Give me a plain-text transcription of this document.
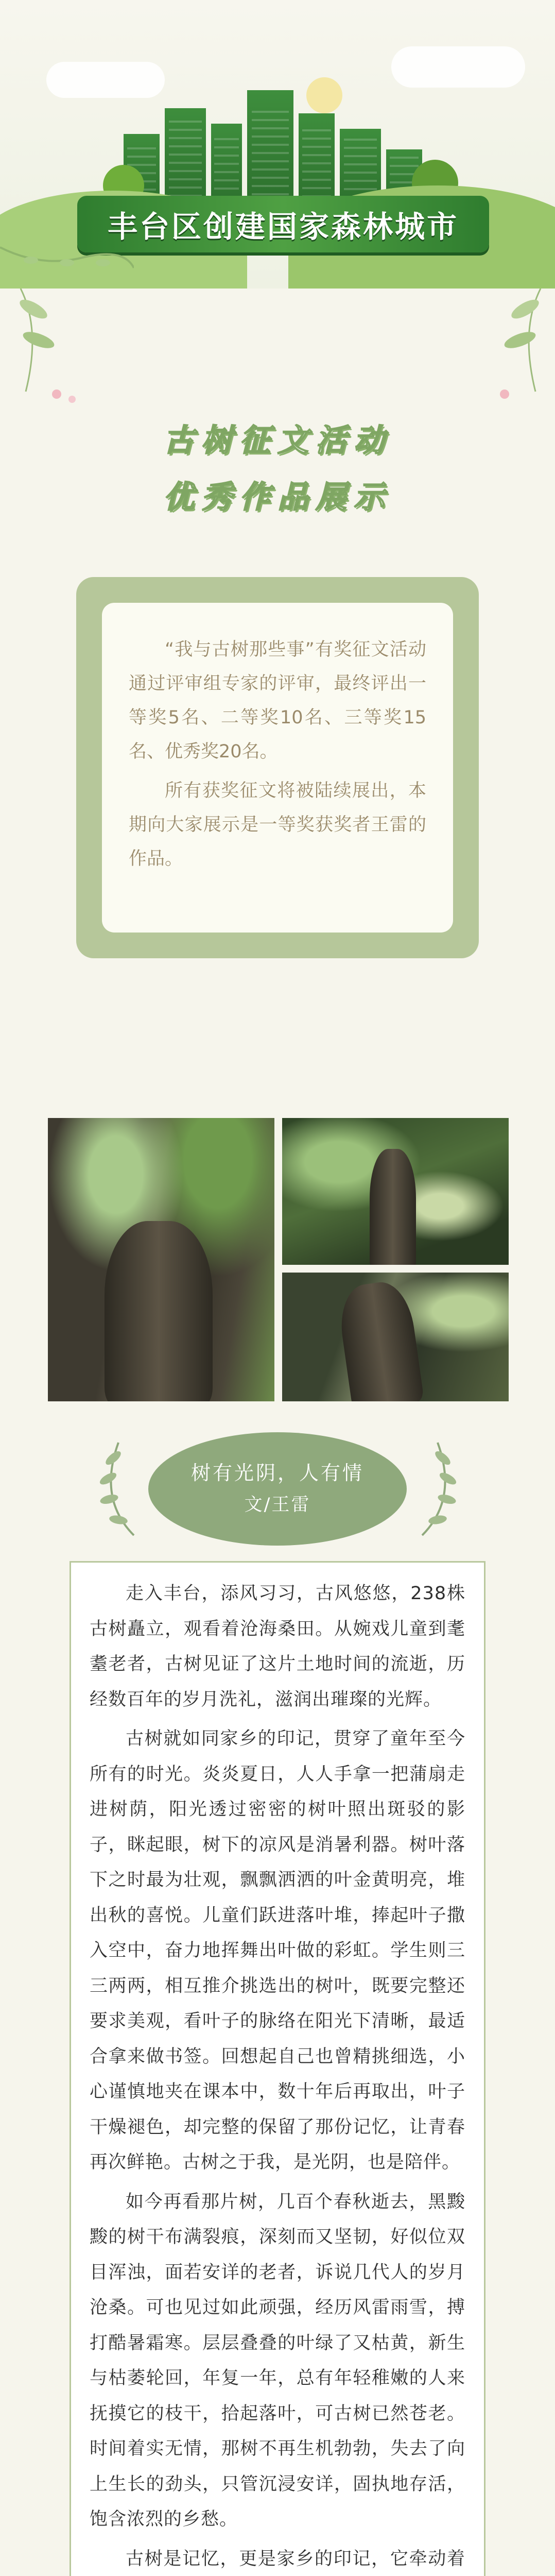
丰台区创建国家森林城市
古树征文活动
优秀作品展示

“我与古树那些事”有奖征文活动通过评审组专家的评审，最终评出一等奖5名、二等奖10名、三等奖15名、优秀奖20名。

所有获奖征文将被陆续展出，本期向大家展示是一等奖获奖者王雷的作品。

树有光阴，人有情
文/王雷

走入丰台，添风习习，古风悠悠，238株古树矗立，观看着沧海桑田。从婉戏儿童到耄耋老者，古树见证了这片土地时间的流逝，历经数百年的岁月洗礼，滋润出璀璨的光辉。

古树就如同家乡的印记，贯穿了童年至今所有的时光。炎炎夏日，人人手拿一把蒲扇走进树荫，阳光透过密密的树叶照出斑驳的影子，眯起眼，树下的凉风是消暑利器。树叶落下之时最为壮观，飘飘洒洒的叶金黄明亮，堆出秋的喜悦。儿童们跃进落叶堆，捧起叶子撒入空中，奋力地挥舞出叶做的彩虹。学生则三三两两，相互推介挑选出的树叶，既要完整还要求美观，看叶子的脉络在阳光下清晰，最适合拿来做书签。回想起自己也曾精挑细选，小心谨慎地夹在课本中，数十年后再取出，叶子干燥褪色，却完整的保留了那份记忆，让青春再次鲜艳。古树之于我，是光阴，也是陪伴。

如今再看那片树，几百个春秋逝去，黑黢黢的树干布满裂痕，深刻而又坚韧，好似位双目浑浊，面若安详的老者，诉说几代人的岁月沧桑。可也见过如此顽强，经历风雷雨雪，搏打酷暑霜寒。层层叠叠的叶绿了又枯黄，新生与枯萎轮回，年复一年，总有年轻稚嫩的人来抚摸它的枝干，拾起落叶，可古树已然苍老。时间着实无情，那树不再生机勃勃，失去了向上生长的劲头，只管沉浸安详，固执地存活，饱含浓烈的乡愁。

古树是记忆，更是家乡的印记，它牵动着
